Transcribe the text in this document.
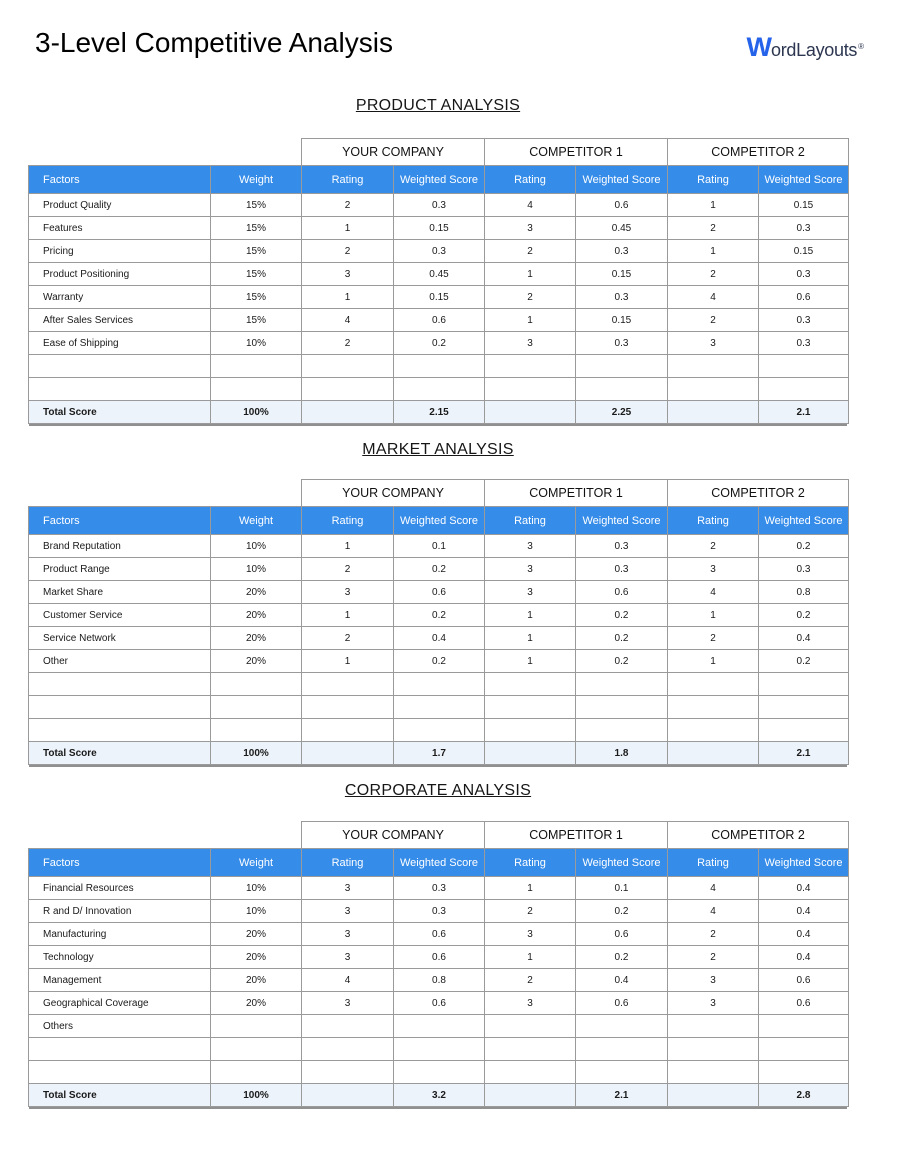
3-Level Competitive Analysis	W ordLayouts ®
PRODUCT ANALYSIS
		YOUR COMPANY		COMPETITOR 1		COMPETITOR 2	
Factors	Weight	Rating	Weighted Score	Rating	Weighted Score	Rating	Weighted Score
Product Quality	15%	2	0.3	4	0.6	1	0.15
Features	15%	1	0.15	3	0.45	2	0.3
Pricing	15%	2	0.3	2	0.3	1	0.15
Product Positioning	15%	3	0.45	1	0.15	2	0.3
Warranty	15%	1	0.15	2	0.3	4	0.6
After Sales Services	15%	4	0.6	1	0.15	2	0.3
Ease of Shipping	10%	2	0.2	3	0.3	3	0.3

Total Score	100%		2.15		2.25		2.1
MARKET ANALYSIS
		YOUR COMPANY		COMPETITOR 1		COMPETITOR 2	
Factors	Weight	Rating	Weighted Score	Rating	Weighted Score	Rating	Weighted Score
Brand Reputation	10%	1	0.1	3	0.3	2	0.2
Product Range	10%	2	0.2	3	0.3	3	0.3
Market Share	20%	3	0.6	3	0.6	4	0.8
Customer Service	20%	1	0.2	1	0.2	1	0.2
Service Network	20%	2	0.4	1	0.2	2	0.4
Other	20%	1	0.2	1	0.2	1	0.2

Total Score	100%		1.7		1.8		2.1
CORPORATE ANALYSIS
		YOUR COMPANY		COMPETITOR 1		COMPETITOR 2	
Factors	Weight	Rating	Weighted Score	Rating	Weighted Score	Rating	Weighted Score
Financial Resources	10%	3	0.3	1	0.1	4	0.4
R and D/ Innovation	10%	3	0.3	2	0.2	4	0.4
Manufacturing	20%	3	0.6	3	0.6	2	0.4
Technology	20%	3	0.6	1	0.2	2	0.4
Management	20%	4	0.8	2	0.4	3	0.6
Geographical Coverage	20%	3	0.6	3	0.6	3	0.6
Others							

Total Score	100%		3.2		2.1		2.8
